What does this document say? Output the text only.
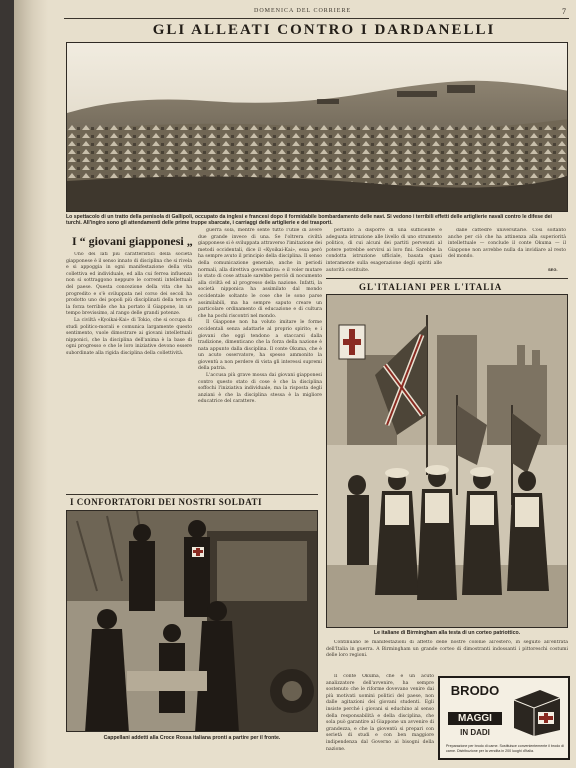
DOMENICA DEL CORRIERE	7
GLI ALLEATI CONTRO I DARDANELLI
Lo spettacolo di un tratto della penisola di Gallipoli, occupato da inglesi e francesi dopo il formidabile bombardamento delle navi. Si vedono i terribili effetti delle artiglierie navali contro le difese dei turchi. All'ingiro sono gli attendamenti delle prime truppe sbarcate, i carriaggi delle artiglierie e dei trasporti.
I “ giovani giapponesi „

Uno dei lati più caratteristici della società giapponese è il senso innato di disciplina che si rivela e si appoggia in ogni manifestazione della vita collettiva ed individuale, ed alla cui ferrea influenza non si sottraggono neppure le correnti intellettuali del paese. Questa concezione della vita che ha progredito e s'è sviluppata nel corso dei secoli ha prodotto uno dei popoli più disciplinati della terra e la forza terribile che ha portato il Giappone, in un tempo brevissimo, al rango delle grandi potenze.

La civiltà «Kyoikai-Kai» di Tokio, che si occupa di studi politico-morali e comunica largamente questo sentimento, vuole dimostrare ai giovani intellettuali nipponici, che la disciplina dell'anima è la base di ogni progresso e che le loro iniziative devono essere subordinate alla rigida disciplina della collettività.

guerra sola, mentre sente tutto l'utile di avere due grande invece di una. Se l'oltrera civiltà giapponese si è sviluppata attraverso l'imitazione dei metodi occidentali, dice il «Kyoikai-Kai», essa però ha sempre avuto il principio della disciplina. Il senso della comunicazione generale, anche in periodi normali, alla direttiva governativa: e il voler mutare lo stato di cose attuale sarebbe perciò di nocumento alla civiltà ed al progresso della nazione. Infatti, la società nipponica ha assimilato dal mondo occidentale soltanto le cose che le sono parse assimilabili, ma ha sempre saputo creare un particolare ordinamento di educazione e di cultura che ha pochi riscontri nel mondo.

Il Giappone non ha voluto imitare le forme occidentali senza adattarle al proprio spirito; e i giovani che oggi tendono a staccarsi dalla tradizione, dimenticano che la forza della nazione è nata appunto dalla disciplina. Il conte Okuma, che è un acuto osservatore, ha spesso ammonito la gioventù a non perdere di vista gli interessi supremi della patria.

L'accusa più grave mossa dai giovani giapponesi contro questo stato di cose è che la disciplina soffochi l'iniziativa individuale, ma la risposta degli anziani è che la disciplina stessa è la migliore educatrice del carattere.

pertanto a disporre di una sufficiente e adeguata istruzione alle livello di uno strumento politico, di cui alcuni dei partiti pervenuti al potere potrebbe servirsi ai loro fini. Sarebbe la condotta istruzione ufficiale, basata quasi interamente sulla esagerazione degli spiriti alle autorità costituite.

dalle cattedre universitarie. Così soltanto anche per ciò che ha attinenza alla superiorità intellettuale — conclude il conte Okuma — il Giappone non avrebbe nulla da invidiare al resto del mondo.

SEG.
GL'ITALIANI PER L'ITALIA
Le italiane di Birmingham alla testa di un corteo patriottico.

Continuano le manifestazioni di affetto delle nostre colonie all'estero, in seguito all'entrata dell'Italia in guerra. A Birmingham un grande corteo di dimostranti indossanti i pittoreschi costumi delle loro regioni.

I CONFORTATORI DEI NOSTRI SOLDATI
Cappellani addetti alla Croce Rossa italiana pronti a partire per il fronte.

Il conte Okuma, che è un acuto analizzatore dell'avvenire, ha sempre sostenuto che le riforme dovevano venire dai più motivati uomini politici del paese, non dalle agitazioni dei giovani studenti. Egli insiste perché i giovani si educhino al senso della responsabilità e della disciplina, che sola può garantire al Giappone un avvenire di grandezza, e che la gioventù si prepari con serietà di studi e con ben maggiore indipendenza dal Governo ai bisogni della nazione.

BRODO
MAGGI
IN DADI
Preparazione per brodo di carne. Sostituisce convenientemente il brodo di carne. Distribuzione per la vendita in 200 luoghi d'Italia.
